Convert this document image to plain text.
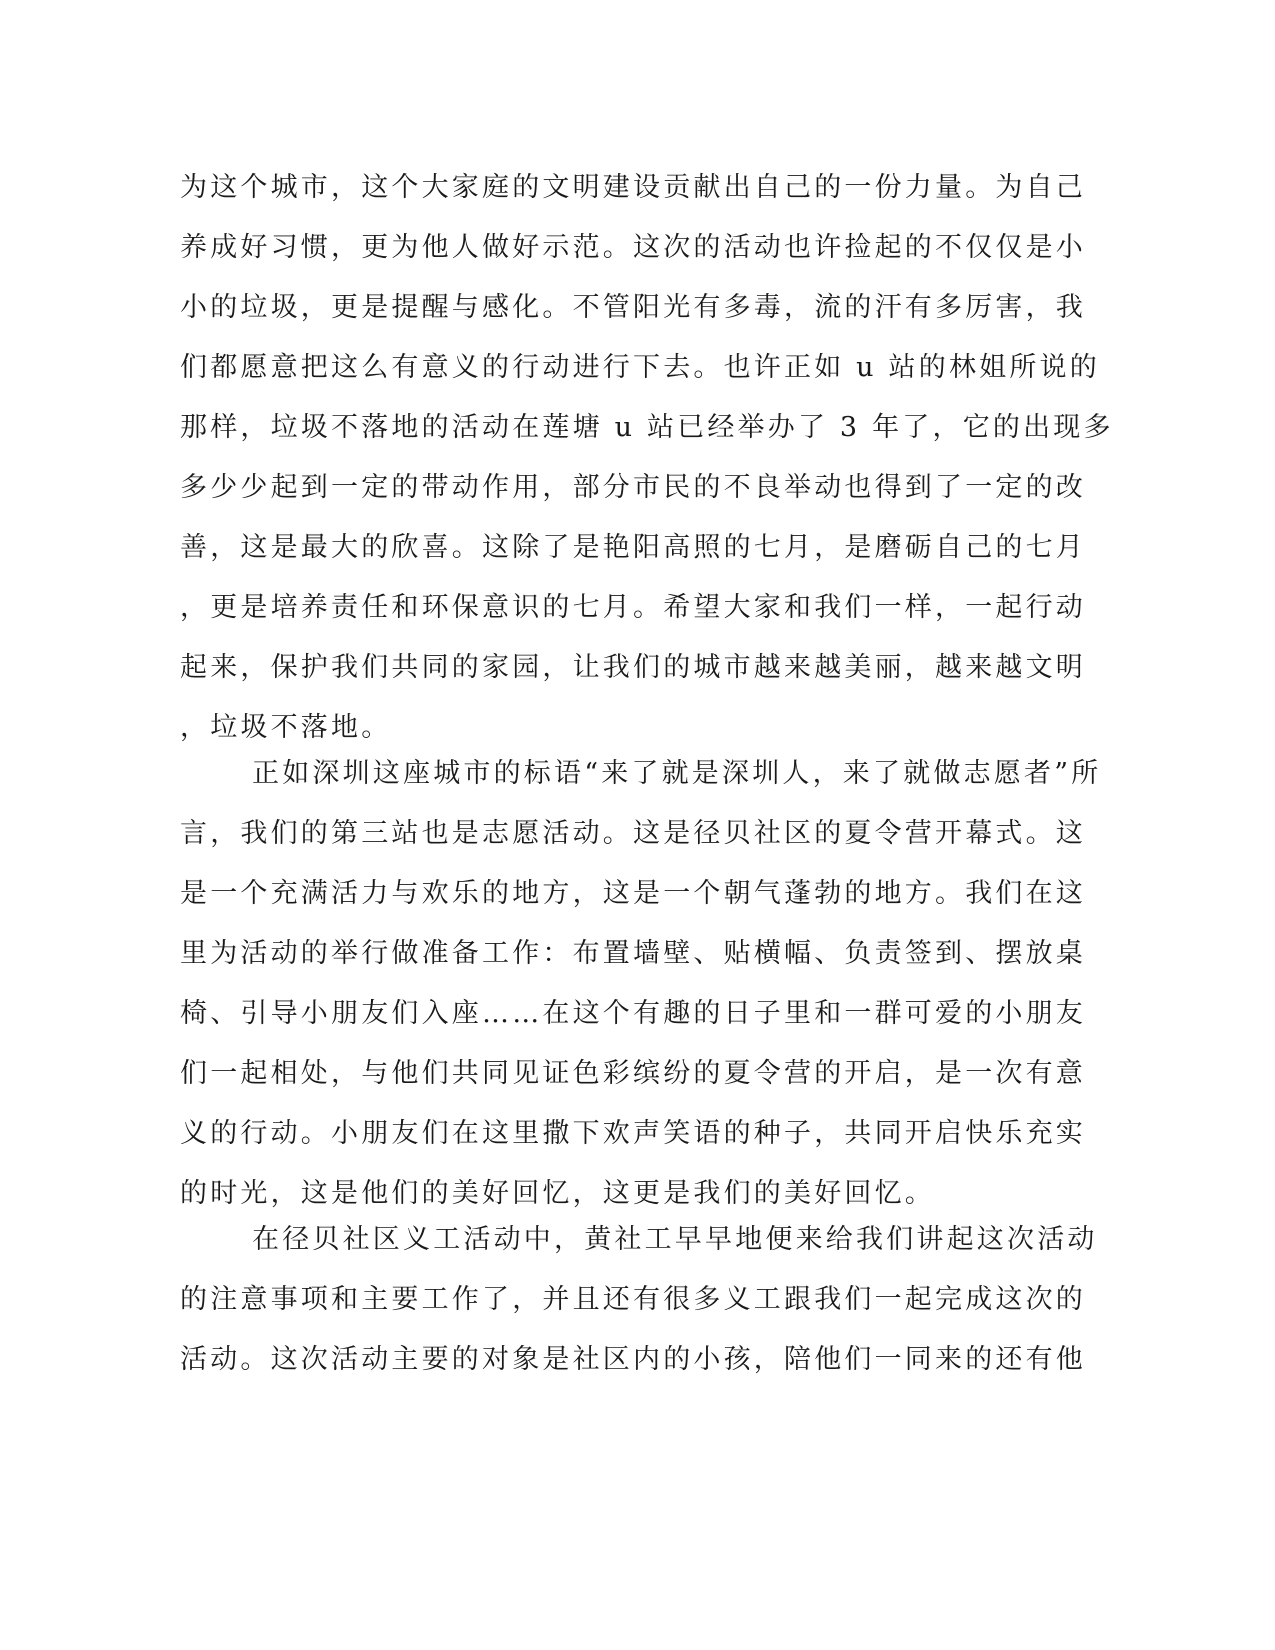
为这个城市，这个大家庭的文明建设贡献出自己的一份力量。为自己
养成好习惯，更为他人做好示范。这次的活动也许捡起的不仅仅是小
小的垃圾，更是提醒与感化。不管阳光有多毒，流的汗有多厉害，我
们都愿意把这么有意义的行动进行下去。也许正如 u 站的林姐所说的
那样，垃圾不落地的活动在莲塘 u 站已经举办了 3 年了，它的出现多
多少少起到一定的带动作用，部分市民的不良举动也得到了一定的改
善，这是最大的欣喜。这除了是艳阳高照的七月，是磨砺自己的七月
，更是培养责任和环保意识的七月。希望大家和我们一样，一起行动
起来，保护我们共同的家园，让我们的城市越来越美丽，越来越文明
，垃圾不落地。
正如深圳这座城市的标语“来了就是深圳人，来了就做志愿者”所
言，我们的第三站也是志愿活动。这是径贝社区的夏令营开幕式。这
是一个充满活力与欢乐的地方，这是一个朝气蓬勃的地方。我们在这
里为活动的举行做准备工作：布置墙壁、贴横幅、负责签到、摆放桌
椅、引导小朋友们入座……在这个有趣的日子里和一群可爱的小朋友
们一起相处，与他们共同见证色彩缤纷的夏令营的开启，是一次有意
义的行动。小朋友们在这里撒下欢声笑语的种子，共同开启快乐充实
的时光，这是他们的美好回忆，这更是我们的美好回忆。
在径贝社区义工活动中，黄社工早早地便来给我们讲起这次活动
的注意事项和主要工作了，并且还有很多义工跟我们一起完成这次的
活动。这次活动主要的对象是社区内的小孩，陪他们一同来的还有他
